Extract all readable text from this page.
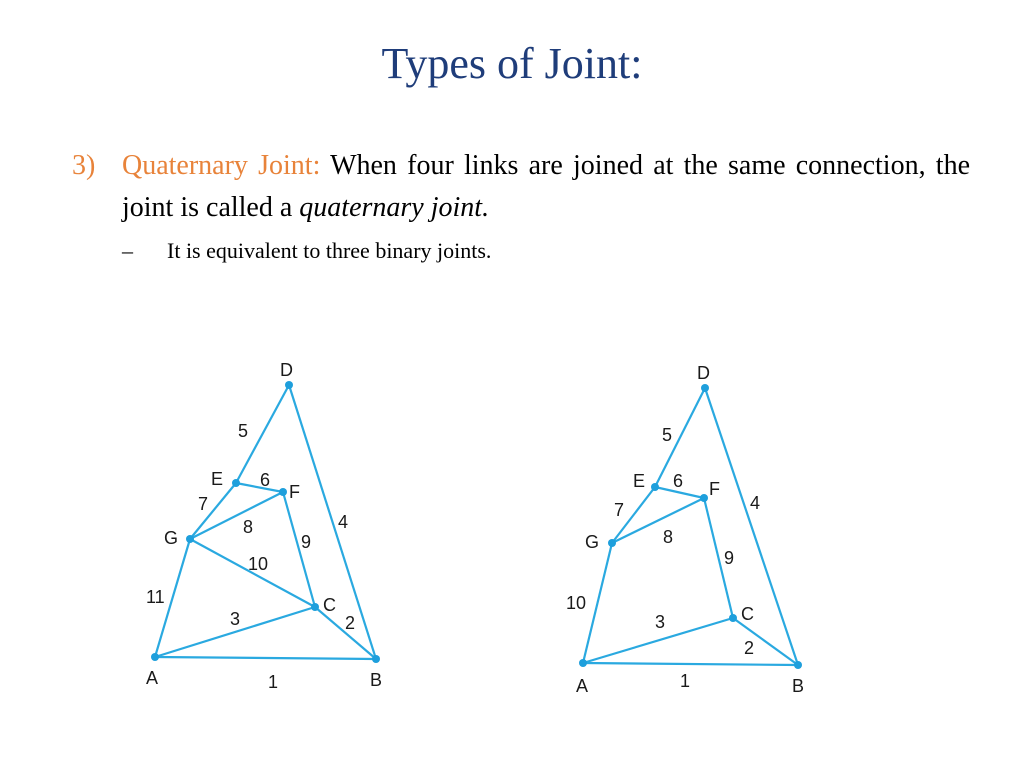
Types of Joint:
3) Quaternary Joint: When four links are joined at the same connection, the joint is called a quaternary joint.
– It is equivalent to three binary joints.
D
E
F
G
C
A	B
1
2
3
4
5
6
7
8
9
10
11
D
E	F
G
C
A	B
1
2
3
4
5
6
7
8
9
10
